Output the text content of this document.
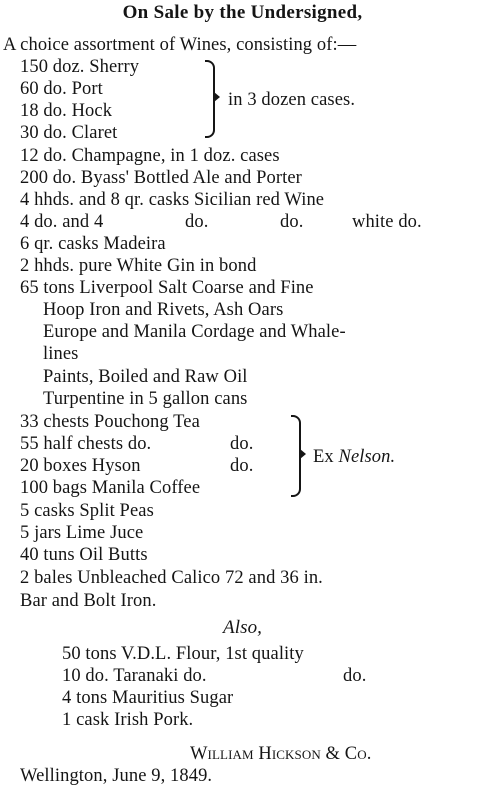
On Sale by the Undersigned,
A choice assortment of Wines, consisting of:—
150 doz. Sherry
60 do. Port
18 do. Hock
30 do. Claret
in 3 dozen cases.
12 do. Champagne, in 1 doz. cases
200 do. Byass' Bottled Ale and Porter
4 hhds. and 8 qr. casks Sicilian red Wine
4 do. and 4	do.	do.	white do.
6 qr. casks Madeira
2 hhds. pure White Gin in bond
65 tons Liverpool Salt Coarse and Fine
Hoop Iron and Rivets, Ash Oars
Europe and Manila Cordage and Whale-
lines
Paints, Boiled and Raw Oil
Turpentine in 5 gallon cans
33 chests Pouchong Tea
55 half chests do.	do.
20 boxes Hyson	do.
100 bags Manila Coffee
Ex Nelson.
5 casks Split Peas
5 jars Lime Juce
40 tuns Oil Butts
2 bales Unbleached Calico 72 and 36 in.
Bar and Bolt Iron.
Also,
50 tons V.D.L. Flour, 1st quality
10 do. Taranaki do.	do.
4 tons Mauritius Sugar
1 cask Irish Pork.
William Hickson & Co.
Wellington, June 9, 1849.
